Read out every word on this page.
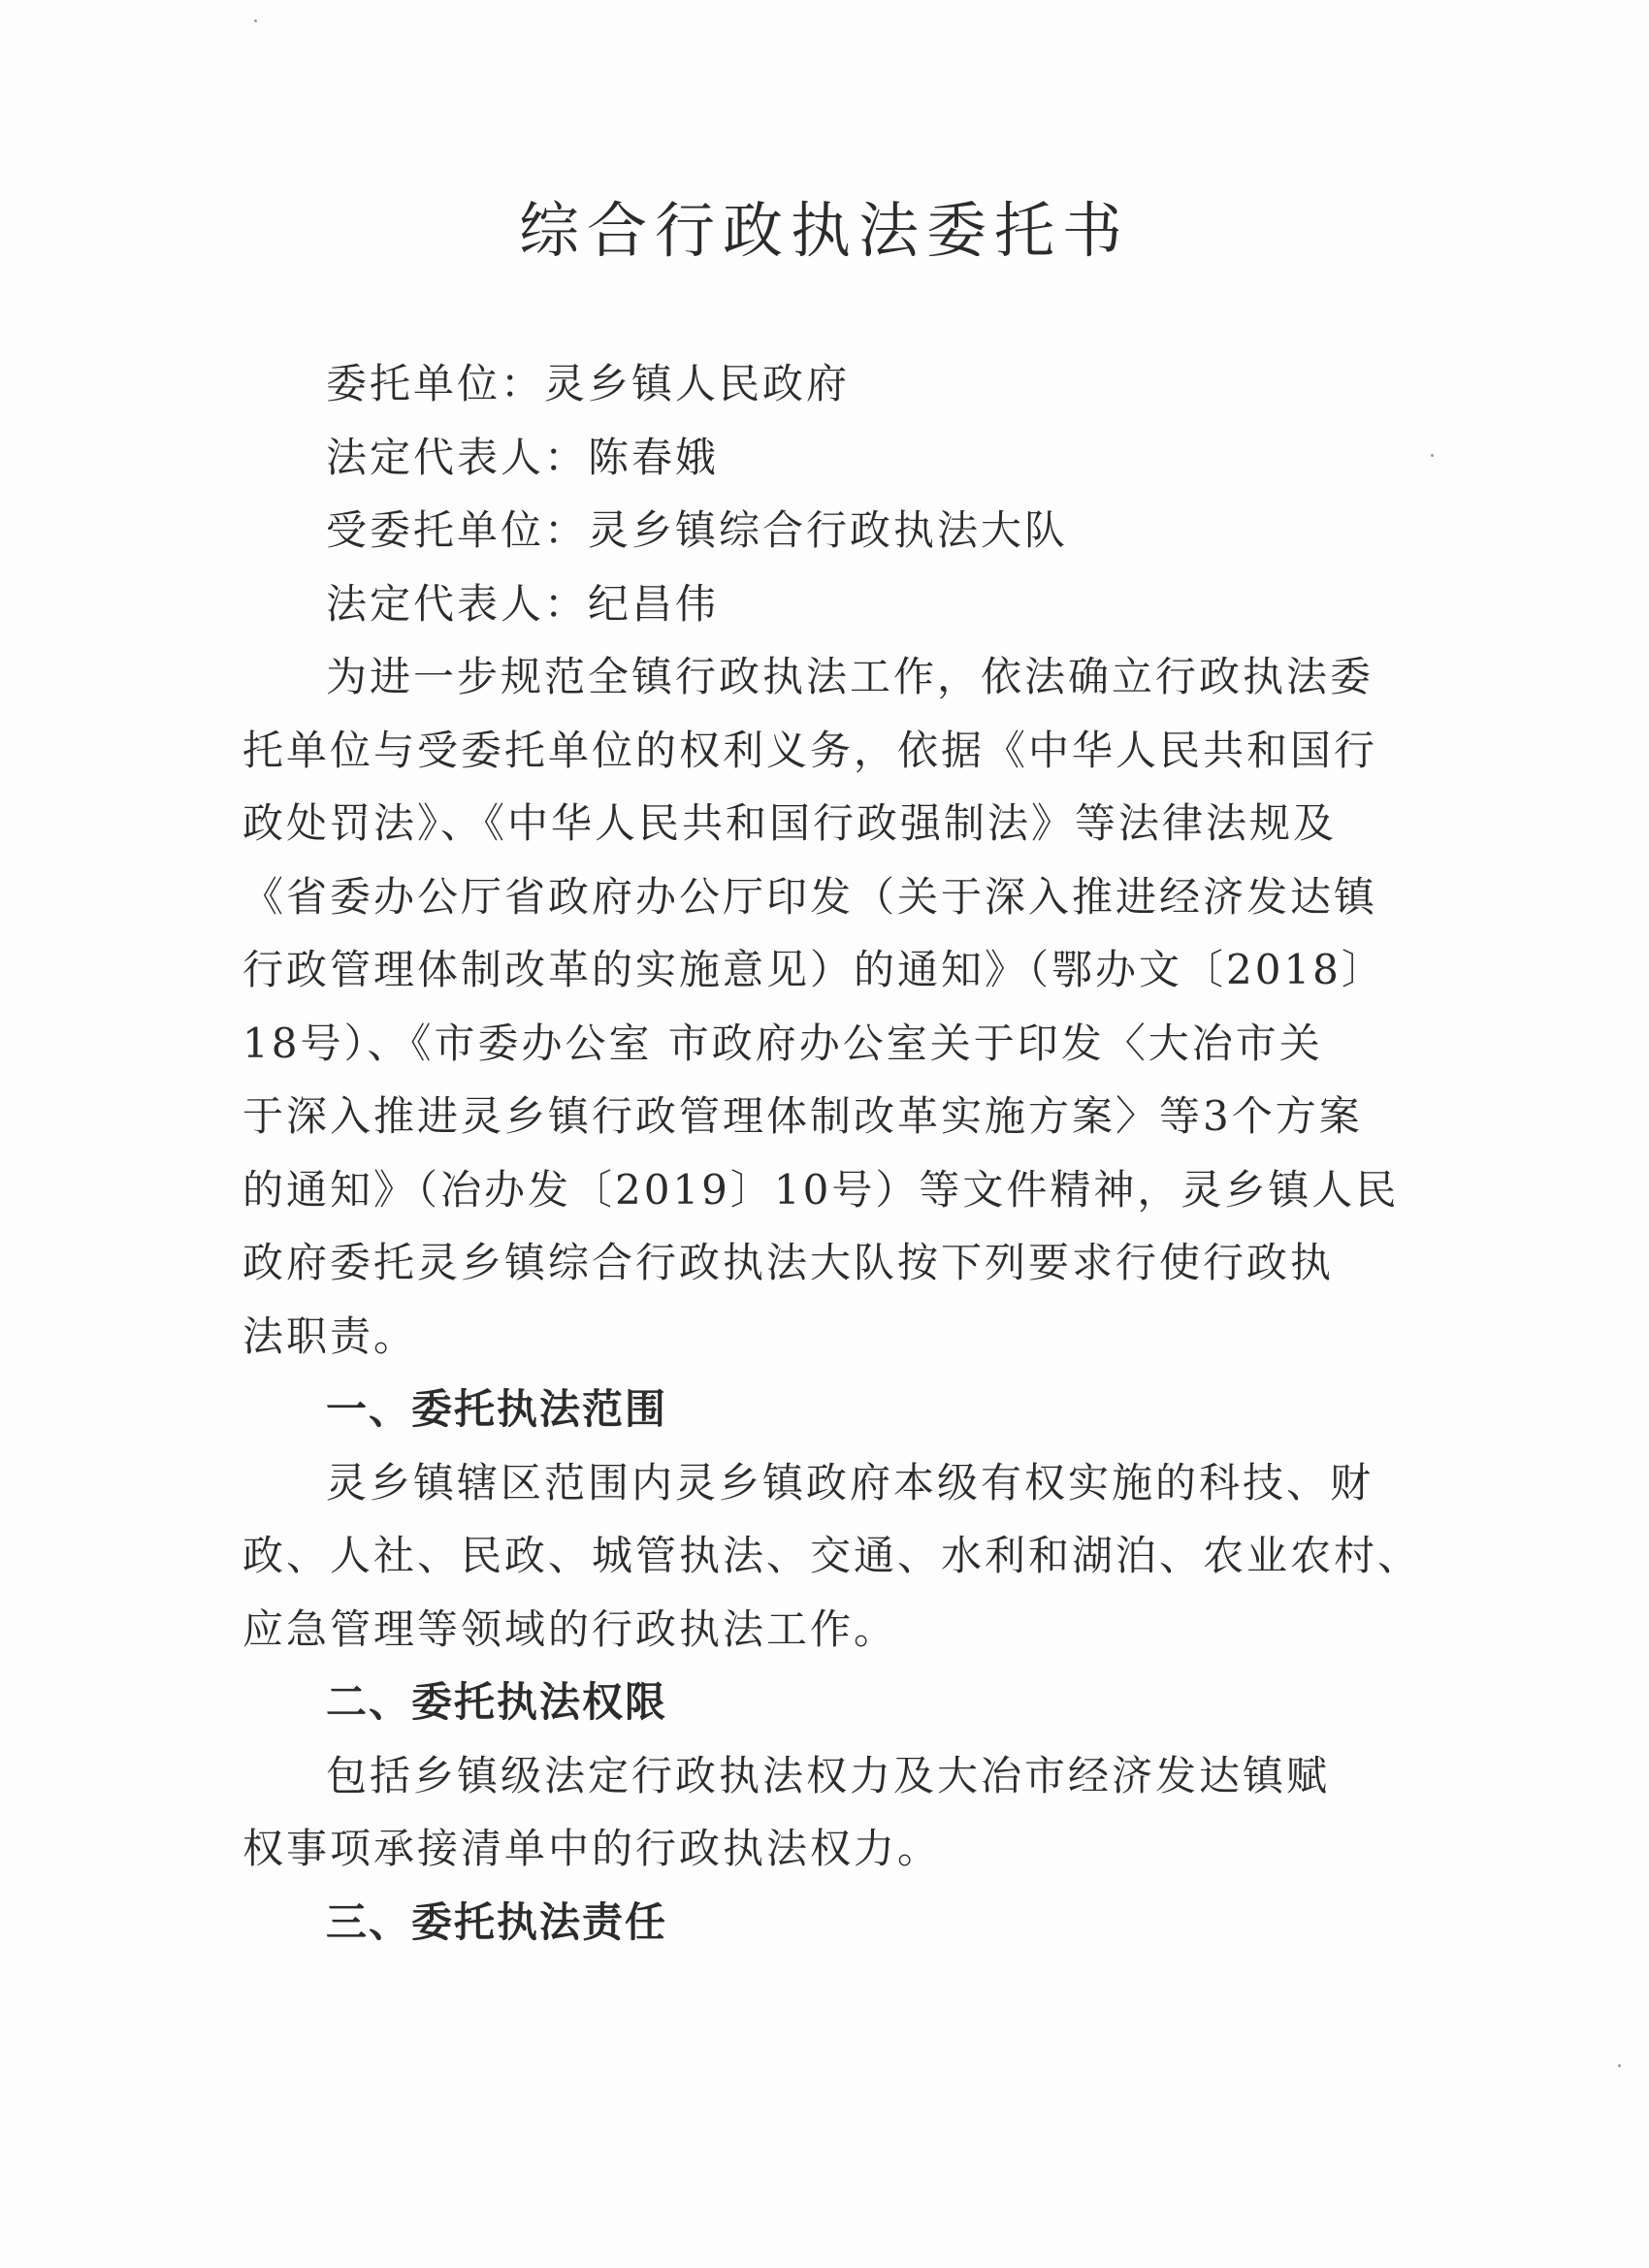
综合行政执法委托书
委托单位：灵乡镇人民政府
法定代表人：陈春娥
受委托单位：灵乡镇综合行政执法大队
法定代表人：纪昌伟
为进一步规范全镇行政执法工作，依法确立行政执法委
托单位与受委托单位的权利义务，依据《中华人民共和国行
政处罚法》、《中华人民共和国行政强制法》等法律法规及
《省委办公厅省政府办公厅印发（关于深入推进经济发达镇
行政管理体制改革的实施意见）的通知》（鄂办文〔2018〕
18号）、《市委办公室 市政府办公室关于印发〈大冶市关
于深入推进灵乡镇行政管理体制改革实施方案〉等3个方案
的通知》（冶办发〔2019〕10号）等文件精神，灵乡镇人民
政府委托灵乡镇综合行政执法大队按下列要求行使行政执
法职责。
一、委托执法范围
灵乡镇辖区范围内灵乡镇政府本级有权实施的科技、财
政、人社、民政、城管执法、交通、水利和湖泊、农业农村、
应急管理等领域的行政执法工作。
二、委托执法权限
包括乡镇级法定行政执法权力及大冶市经济发达镇赋
权事项承接清单中的行政执法权力。
三、委托执法责任
